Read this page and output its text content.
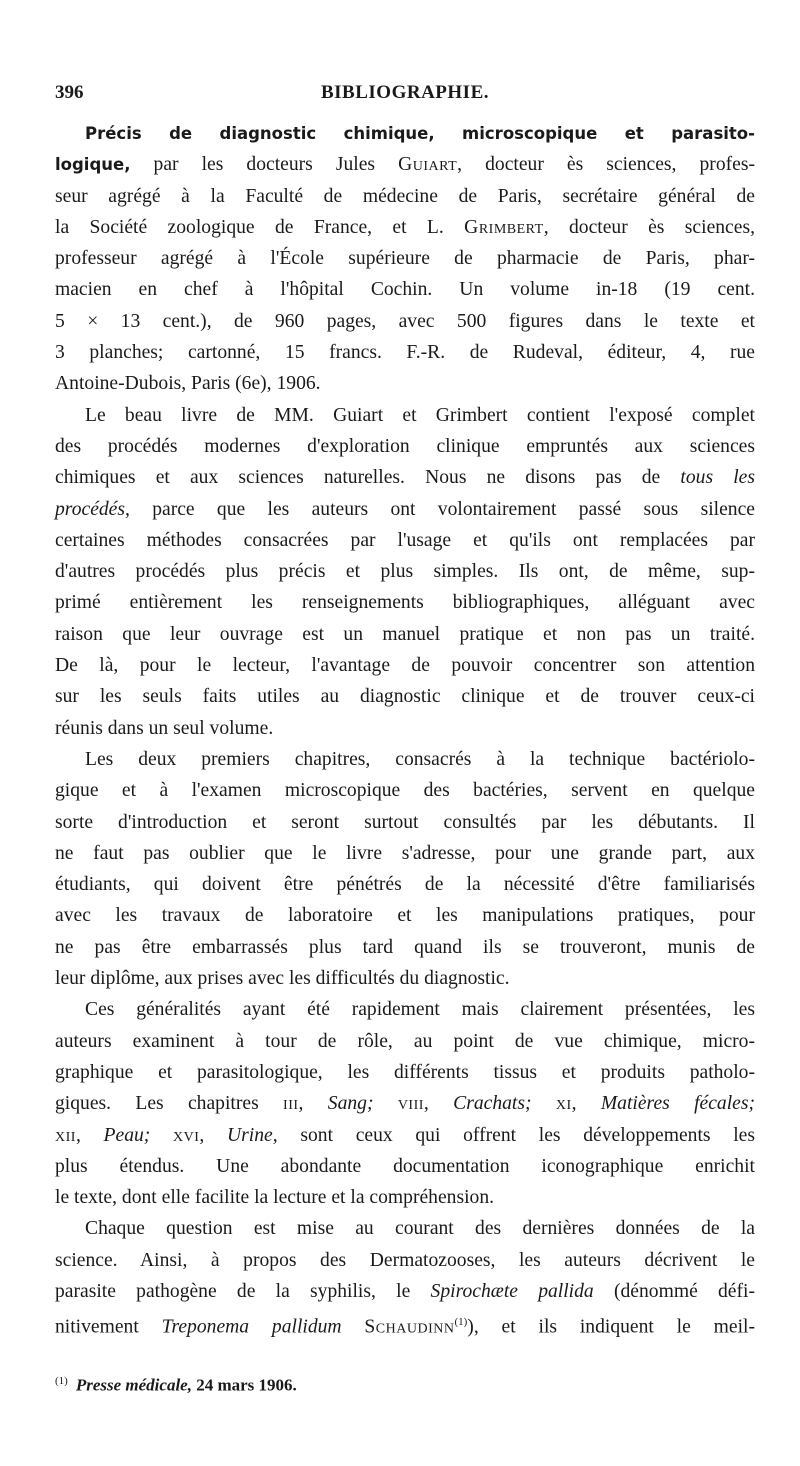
396	BIBLIOGRAPHIE.
Précis de diagnostic chimique, microscopique et parasito-
logique, par les docteurs Jules Guiart, docteur ès sciences, profes-
seur agrégé à la Faculté de médecine de Paris, secrétaire général de
la Société zoologique de France, et L. Grimbert, docteur ès sciences,
professeur agrégé à l'École supérieure de pharmacie de Paris, phar-
macien en chef à l'hôpital Cochin. Un volume in-18 (19 cent.
5 × 13 cent.), de 960 pages, avec 500 figures dans le texte et
3 planches; cartonné, 15 francs. F.-R. de Rudeval, éditeur, 4, rue
Antoine-Dubois, Paris (6e), 1906.
Le beau livre de MM. Guiart et Grimbert contient l'exposé complet
des procédés modernes d'exploration clinique empruntés aux sciences
chimiques et aux sciences naturelles. Nous ne disons pas de tous les
procédés, parce que les auteurs ont volontairement passé sous silence
certaines méthodes consacrées par l'usage et qu'ils ont remplacées par
d'autres procédés plus précis et plus simples. Ils ont, de même, sup-
primé entièrement les renseignements bibliographiques, alléguant avec
raison que leur ouvrage est un manuel pratique et non pas un traité.
De là, pour le lecteur, l'avantage de pouvoir concentrer son attention
sur les seuls faits utiles au diagnostic clinique et de trouver ceux-ci
réunis dans un seul volume.
Les deux premiers chapitres, consacrés à la technique bactériolo-
gique et à l'examen microscopique des bactéries, servent en quelque
sorte d'introduction et seront surtout consultés par les débutants. Il
ne faut pas oublier que le livre s'adresse, pour une grande part, aux
étudiants, qui doivent être pénétrés de la nécessité d'être familiarisés
avec les travaux de laboratoire et les manipulations pratiques, pour
ne pas être embarrassés plus tard quand ils se trouveront, munis de
leur diplôme, aux prises avec les difficultés du diagnostic.
Ces généralités ayant été rapidement mais clairement présentées, les
auteurs examinent à tour de rôle, au point de vue chimique, micro-
graphique et parasitologique, les différents tissus et produits patholo-
giques. Les chapitres iii, Sang; viii, Crachats; xi, Matières fécales;
xii, Peau; xvi, Urine, sont ceux qui offrent les développements les
plus étendus. Une abondante documentation iconographique enrichit
le texte, dont elle facilite la lecture et la compréhension.
Chaque question est mise au courant des dernières données de la
science. Ainsi, à propos des Dermatozooses, les auteurs décrivent le
parasite pathogène de la syphilis, le Spirochæte pallida (dénommé défi-
nitivement Treponema pallidum Schaudinn$^{(1)}$), et ils indiquent le meil-
$^{(1)}$ Presse médicale, 24 mars 1906.
